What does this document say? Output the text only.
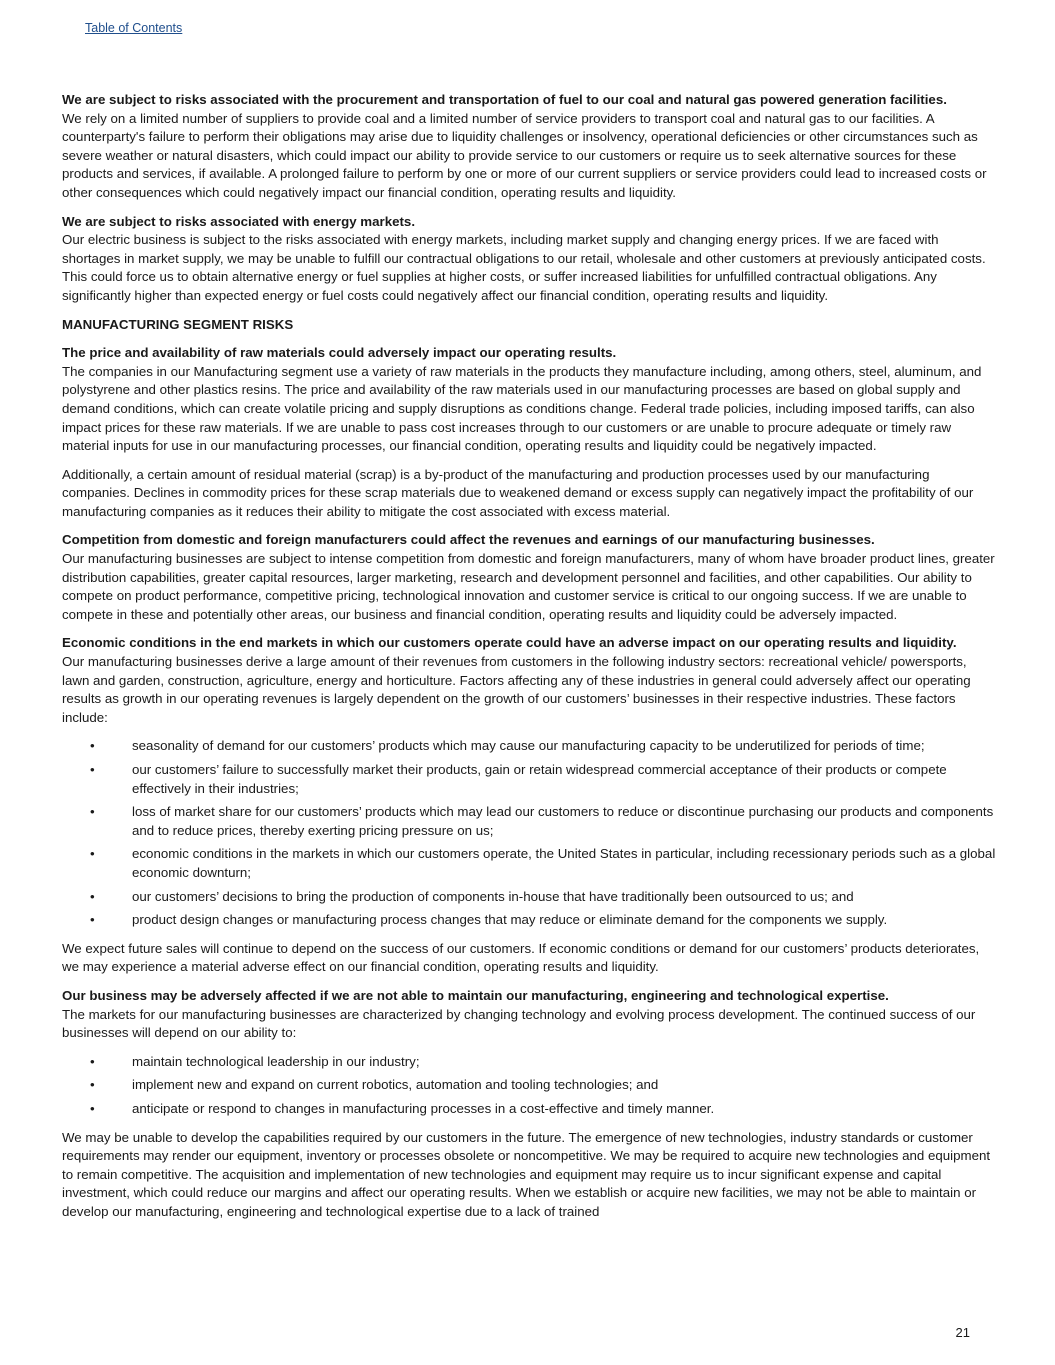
Table of Contents

We are subject to risks associated with the procurement and transportation of fuel to our coal and natural gas powered generation facilities.
We rely on a limited number of suppliers to provide coal and a limited number of service providers to transport coal and natural gas to our facilities. A counterparty's failure to perform their obligations may arise due to liquidity challenges or insolvency, operational deficiencies or other circumstances such as severe weather or natural disasters, which could impact our ability to provide service to our customers or require us to seek alternative sources for these products and services, if available. A prolonged failure to perform by one or more of our current suppliers or service providers could lead to increased costs or other consequences which could negatively impact our financial condition, operating results and liquidity.

We are subject to risks associated with energy markets.
Our electric business is subject to the risks associated with energy markets, including market supply and changing energy prices. If we are faced with shortages in market supply, we may be unable to fulfill our contractual obligations to our retail, wholesale and other customers at previously anticipated costs. This could force us to obtain alternative energy or fuel supplies at higher costs, or suffer increased liabilities for unfulfilled contractual obligations. Any significantly higher than expected energy or fuel costs could negatively affect our financial condition, operating results and liquidity.

MANUFACTURING SEGMENT RISKS

The price and availability of raw materials could adversely impact our operating results.
The companies in our Manufacturing segment use a variety of raw materials in the products they manufacture including, among others, steel, aluminum, and polystyrene and other plastics resins. The price and availability of the raw materials used in our manufacturing processes are based on global supply and demand conditions, which can create volatile pricing and supply disruptions as conditions change. Federal trade policies, including imposed tariffs, can also impact prices for these raw materials. If we are unable to pass cost increases through to our customers or are unable to procure adequate or timely raw material inputs for use in our manufacturing processes, our financial condition, operating results and liquidity could be negatively impacted.

Additionally, a certain amount of residual material (scrap) is a by-product of the manufacturing and production processes used by our manufacturing companies. Declines in commodity prices for these scrap materials due to weakened demand or excess supply can negatively impact the profitability of our manufacturing companies as it reduces their ability to mitigate the cost associated with excess material.

Competition from domestic and foreign manufacturers could affect the revenues and earnings of our manufacturing businesses.
Our manufacturing businesses are subject to intense competition from domestic and foreign manufacturers, many of whom have broader product lines, greater distribution capabilities, greater capital resources, larger marketing, research and development personnel and facilities, and other capabilities. Our ability to compete on product performance, competitive pricing, technological innovation and customer service is critical to our ongoing success. If we are unable to compete in these and potentially other areas, our business and financial condition, operating results and liquidity could be adversely impacted.

Economic conditions in the end markets in which our customers operate could have an adverse impact on our operating results and liquidity.
Our manufacturing businesses derive a large amount of their revenues from customers in the following industry sectors: recreational vehicle/ powersports, lawn and garden, construction, agriculture, energy and horticulture. Factors affecting any of these industries in general could adversely affect our operating results as growth in our operating revenues is largely dependent on the growth of our customers’ businesses in their respective industries. These factors include:

•	seasonality of demand for our customers’ products which may cause our manufacturing capacity to be underutilized for periods of time;
•	our customers’ failure to successfully market their products, gain or retain widespread commercial acceptance of their products or compete effectively in their industries;
•	loss of market share for our customers’ products which may lead our customers to reduce or discontinue purchasing our products and components and to reduce prices, thereby exerting pricing pressure on us;
•	economic conditions in the markets in which our customers operate, the United States in particular, including recessionary periods such as a global economic downturn;
•	our customers’ decisions to bring the production of components in-house that have traditionally been outsourced to us; and
•	product design changes or manufacturing process changes that may reduce or eliminate demand for the components we supply.

We expect future sales will continue to depend on the success of our customers. If economic conditions or demand for our customers’ products deteriorates, we may experience a material adverse effect on our financial condition, operating results and liquidity.

Our business may be adversely affected if we are not able to maintain our manufacturing, engineering and technological expertise.
The markets for our manufacturing businesses are characterized by changing technology and evolving process development. The continued success of our businesses will depend on our ability to:

•	maintain technological leadership in our industry;
•	implement new and expand on current robotics, automation and tooling technologies; and
•	anticipate or respond to changes in manufacturing processes in a cost-effective and timely manner.

We may be unable to develop the capabilities required by our customers in the future. The emergence of new technologies, industry standards or customer requirements may render our equipment, inventory or processes obsolete or noncompetitive. We may be required to acquire new technologies and equipment to remain competitive. The acquisition and implementation of new technologies and equipment may require us to incur significant expense and capital investment, which could reduce our margins and affect our operating results. When we establish or acquire new facilities, we may not be able to maintain or develop our manufacturing, engineering and technological expertise due to a lack of trained

21
